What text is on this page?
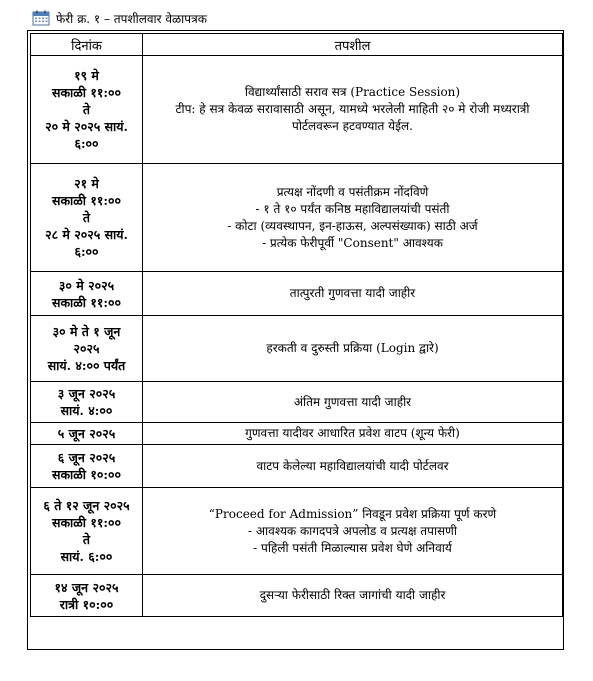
फेरी क्र. १ – तपशीलवार वेळापत्रक
दिनांक	तपशील

१९ मे
सकाळी ११:००
ते
२० मे २०२५ सायं.
६:००	विद्यार्थ्यांसाठी सराव सत्र (Practice Session)
टीप: हे सत्र केवळ सरावासाठी असून, यामध्ये भरलेली माहिती २० मे रोजी मध्यरात्री
पोर्टलवरून हटवण्यात येईल.

२१ मे
सकाळी ११:००
ते
२८ मे २०२५ सायं.
६:००	प्रत्यक्ष नोंदणी व पसंतीक्रम नोंदविणे
- १ ते १० पर्यंत कनिष्ठ महाविद्यालयांची पसंती
- कोटा (व्यवस्थापन, इन-हाऊस, अल्पसंख्याक) साठी अर्ज
- प्रत्येक फेरीपूर्वी "Consent" आवश्यक

३० मे २०२५
सकाळी ११:००	तात्पुरती गुणवत्ता यादी जाहीर

३० मे ते १ जून
२०२५
सायं. ४:०० पर्यंत	हरकती व दुरुस्ती प्रक्रिया (Login द्वारे)

३ जून २०२५
सायं. ४:००	अंतिम गुणवत्ता यादी जाहीर

५ जून २०२५	गुणवत्ता यादीवर आधारित प्रवेश वाटप (शून्य फेरी)

६ जून २०२५
सकाळी १०:००	वाटप केलेल्या महाविद्यालयांची यादी पोर्टलवर

६ ते १२ जून २०२५
सकाळी ११:००
ते
सायं. ६:००	“Proceed for Admission” निवडून प्रवेश प्रक्रिया पूर्ण करणे
- आवश्यक कागदपत्रे अपलोड व प्रत्यक्ष तपासणी
- पहिली पसंती मिळाल्यास प्रवेश घेणे अनिवार्य

१४ जून २०२५
रात्री १०:००	दुसऱ्या फेरीसाठी रिक्त जागांची यादी जाहीर
